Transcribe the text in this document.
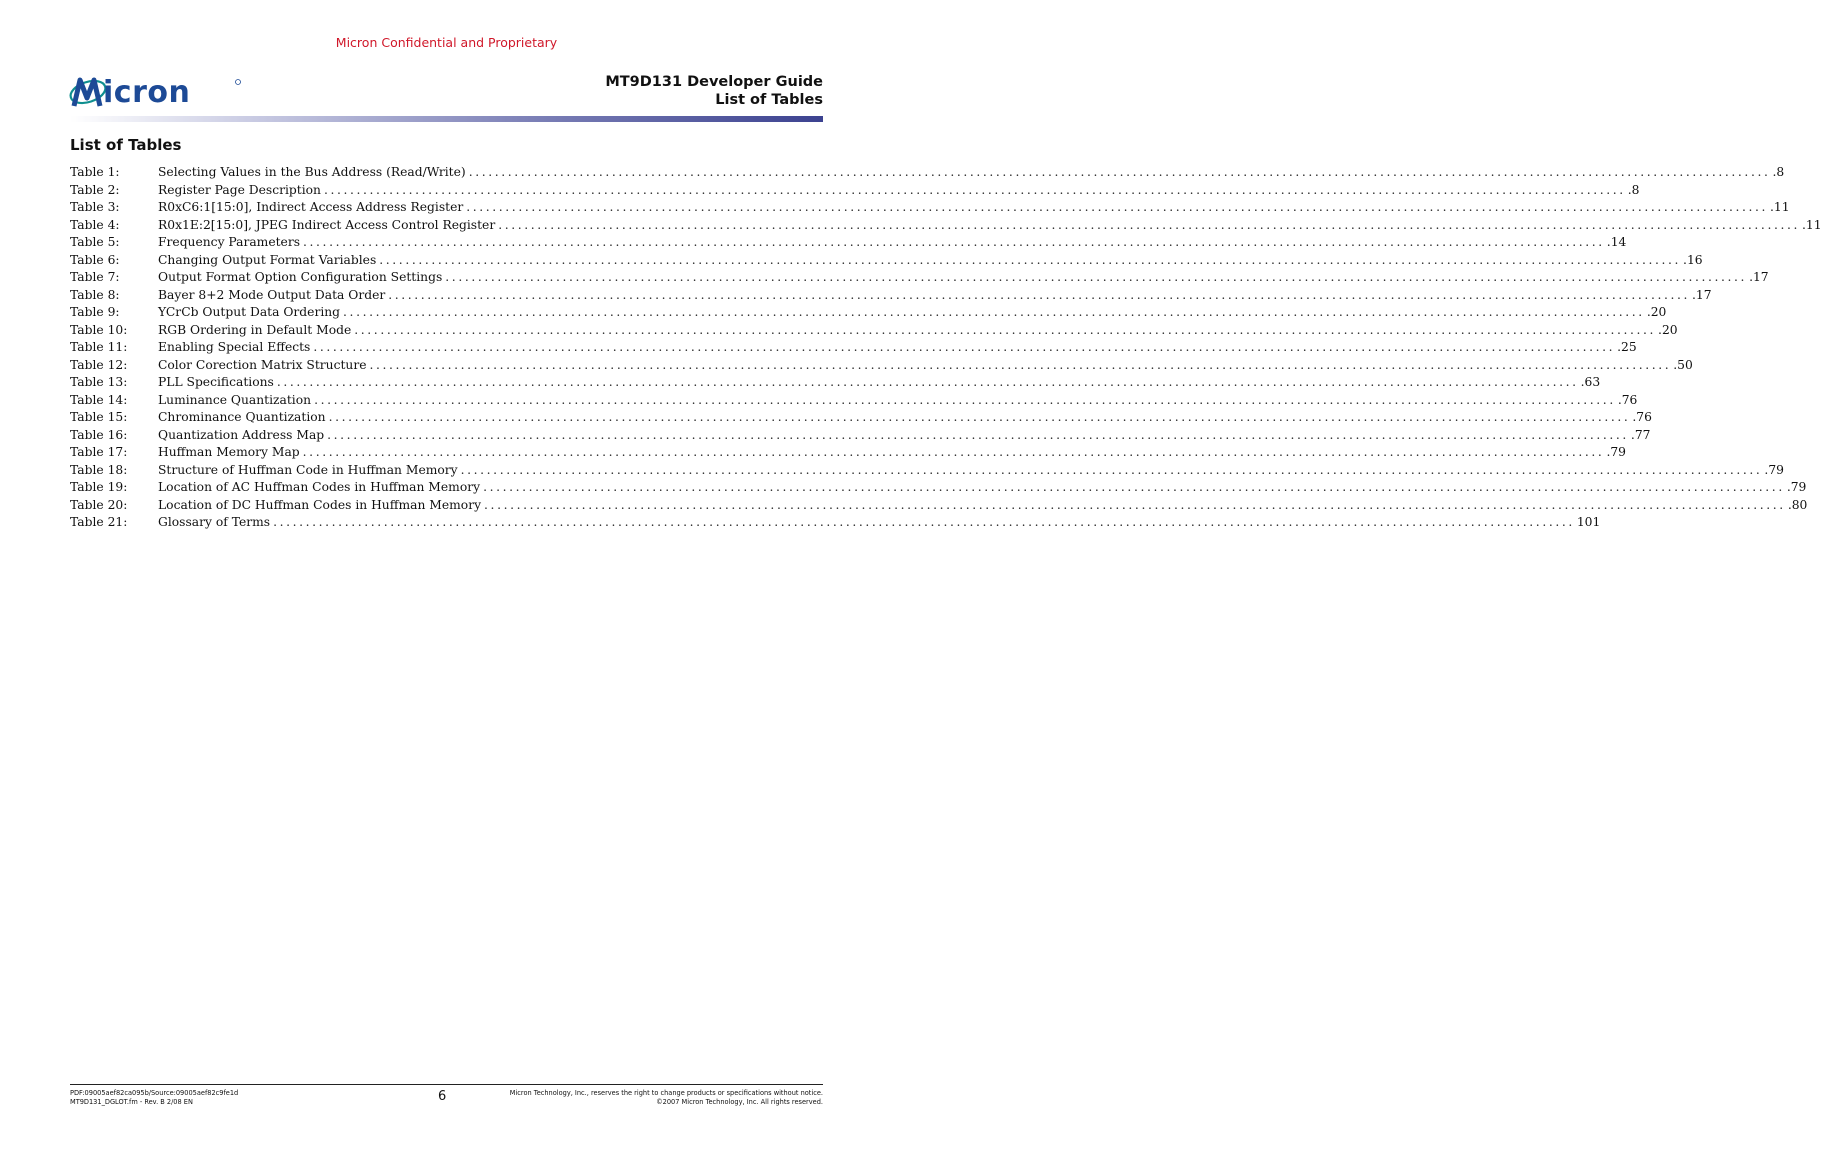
Micron Confidential and Proprietary
icron	MT9D131 Developer Guide
List of Tables
List of Tables
Table 1:	Selecting Values in the Bus Address (Read/Write) ........................................................................................................................................................................................................ .8
Table 2:	Register Page Description ........................................................................................................................................................................................................ .8
Table 3:	R0xC6:1[15:0], Indirect Access Address Register ........................................................................................................................................................................................................ .11
Table 4:	R0x1E:2[15:0], JPEG Indirect Access Control Register ........................................................................................................................................................................................................ .11
Table 5:	Frequency Parameters ........................................................................................................................................................................................................ .14
Table 6:	Changing Output Format Variables ........................................................................................................................................................................................................ .16
Table 7:	Output Format Option Configuration Settings ........................................................................................................................................................................................................ .17
Table 8:	Bayer 8+2 Mode Output Data Order ........................................................................................................................................................................................................ .17
Table 9:	YCrCb Output Data Ordering ........................................................................................................................................................................................................ .20
Table 10:	RGB Ordering in Default Mode ........................................................................................................................................................................................................ .20
Table 11:	Enabling Special Effects ........................................................................................................................................................................................................ .25
Table 12:	Color Corection Matrix Structure ........................................................................................................................................................................................................ .50
Table 13:	PLL Specifications ........................................................................................................................................................................................................ .63
Table 14:	Luminance Quantization ........................................................................................................................................................................................................ .76
Table 15:	Chrominance Quantization ........................................................................................................................................................................................................ .76
Table 16:	Quantization Address Map ........................................................................................................................................................................................................ .77
Table 17:	Huffman Memory Map ........................................................................................................................................................................................................ .79
Table 18:	Structure of Huffman Code in Huffman Memory ........................................................................................................................................................................................................ .79
Table 19:	Location of AC Huffman Codes in Huffman Memory ........................................................................................................................................................................................................ .79
Table 20:	Location of DC Huffman Codes in Huffman Memory ........................................................................................................................................................................................................ .80
Table 21:	Glossary of Terms ........................................................................................................................................................................................................ 101
PDF:09005aef82ca095b/Source:09005aef82c9fe1d
MT9D131_DGLOT.fm - Rev. B 2/08 EN	6	Micron Technology, Inc., reserves the right to change products or specifications without notice.
©2007 Micron Technology, Inc. All rights reserved.
